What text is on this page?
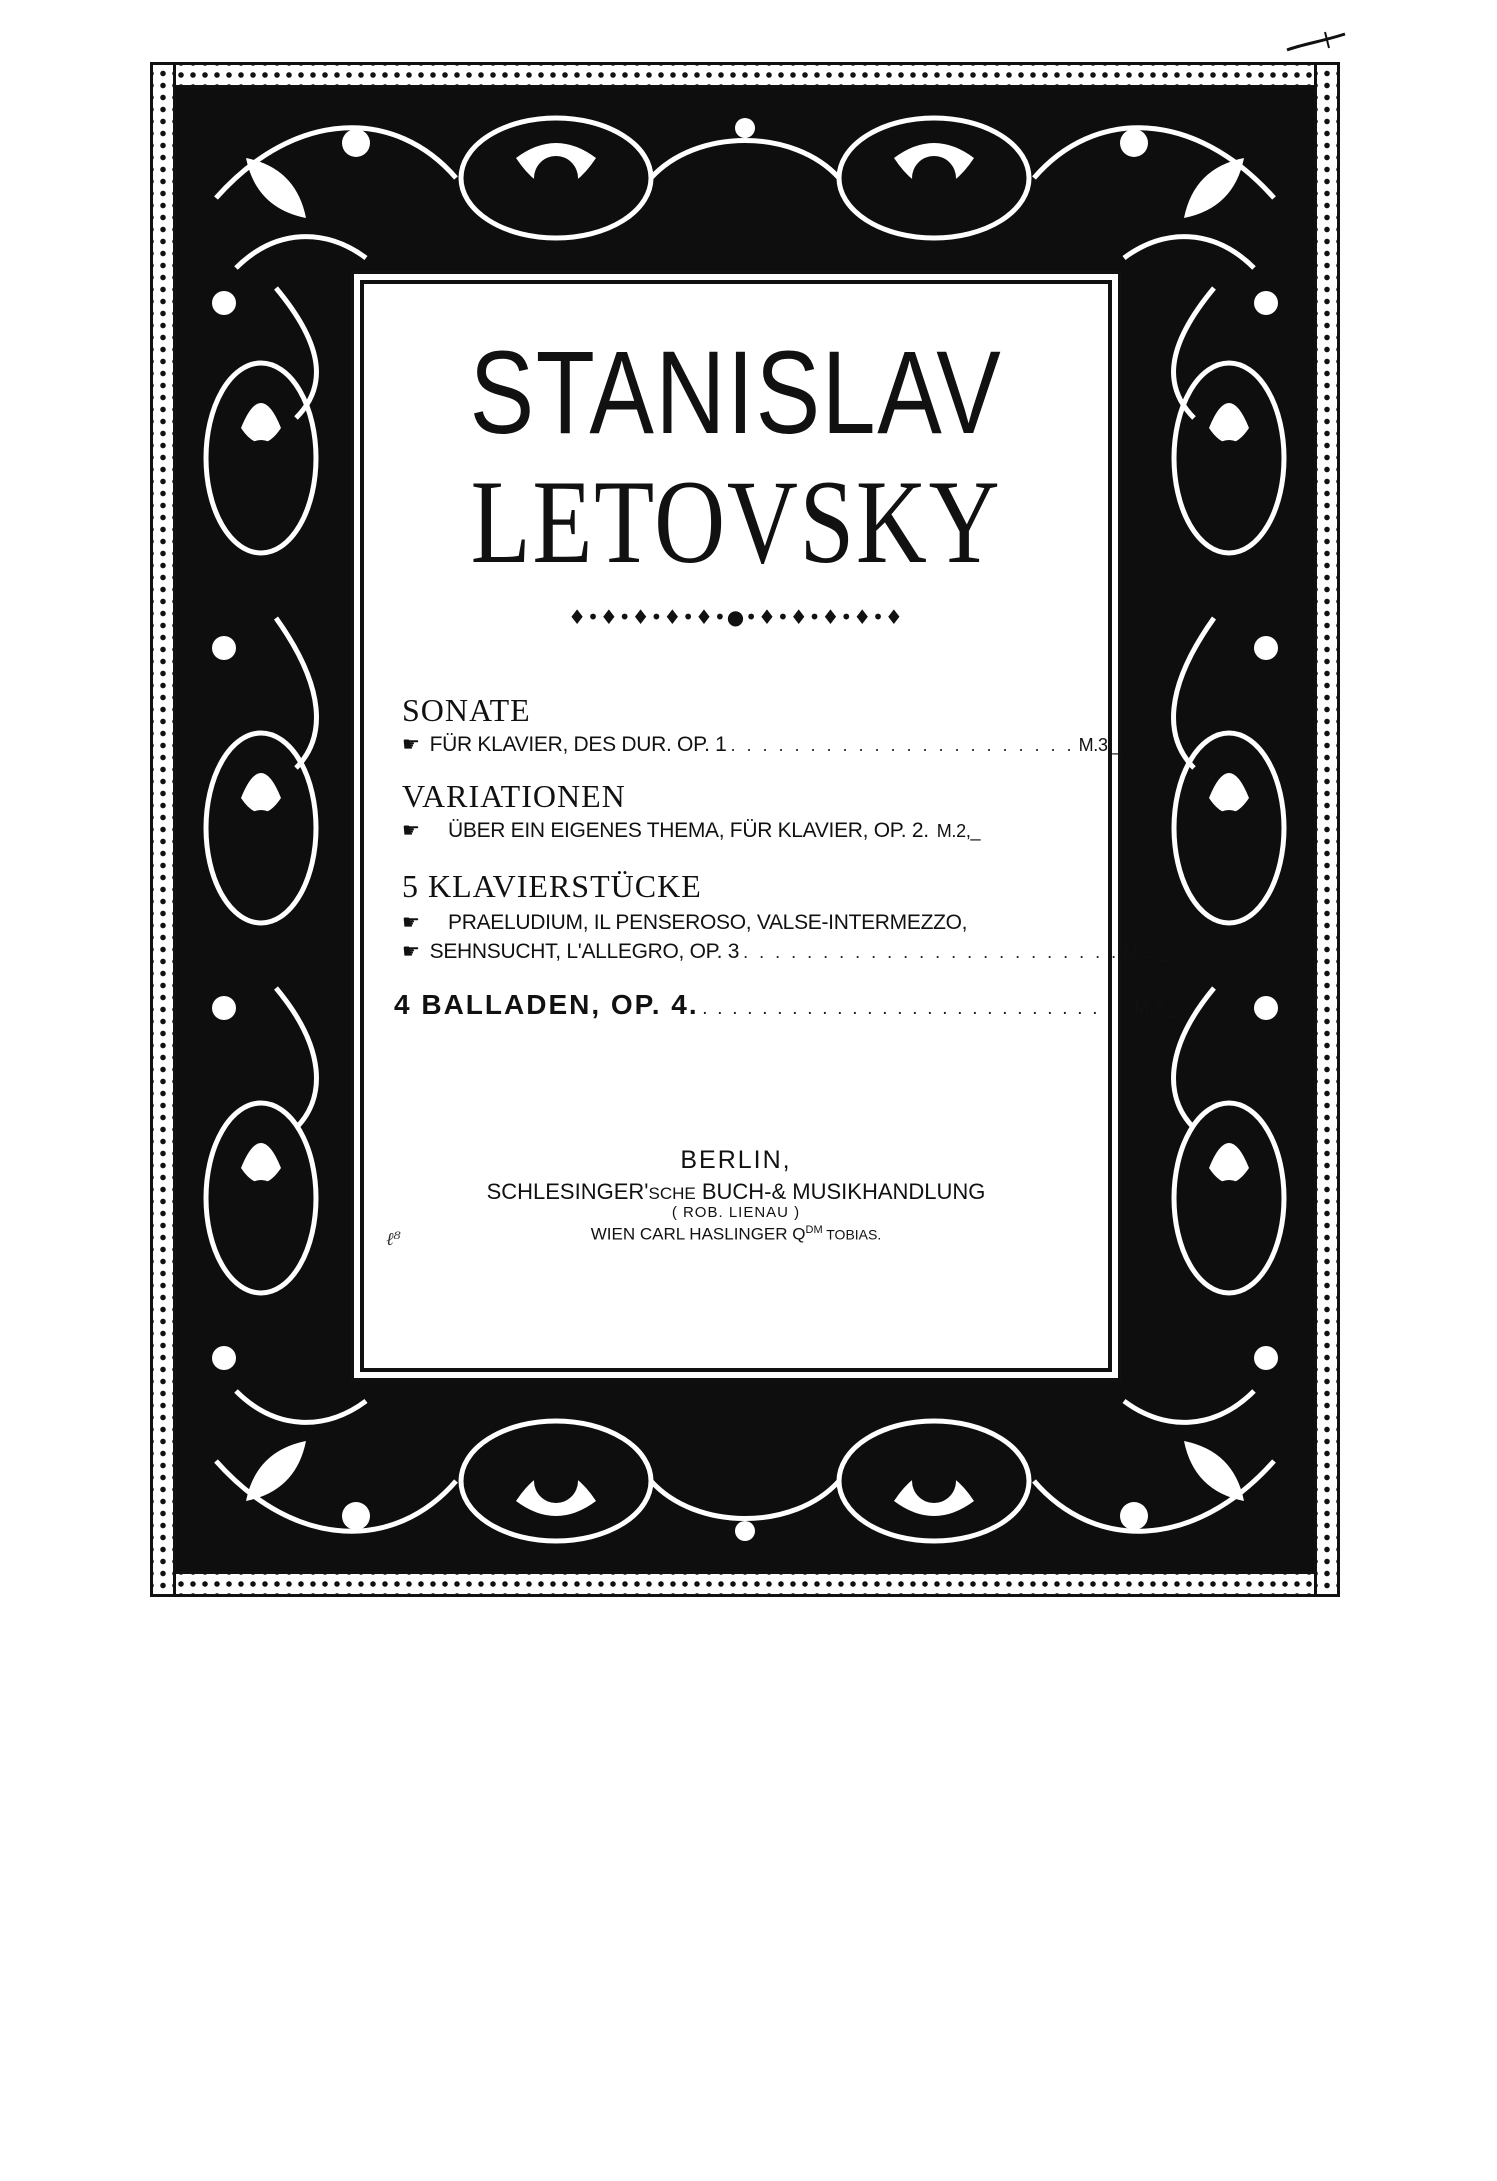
STANISLAV
LETOVSKY
♦•♦•♦•♦•♦•●•♦•♦•♦•♦•♦
SONATE
☛ FÜR KLAVIER, DES DUR. OP. 1 . . . . . . . . . . . . . . . . . . . . . . M.3,_
VARIATIONEN
☛	ÜBER EIN EIGENES THEMA, FÜR KLAVIER, OP. 2. M.2,_
5 KLAVIERSTÜCKE
☛	PRAELUDIUM, IL PENSEROSO, VALSE-INTERMEZZO,
☛ SEHNSUCHT, L'ALLEGRO, OP. 3 . . . . . . . . . . . . . . . . . . . . . . . . M.2,_
4 BALLADEN, OP. 4. . . . . . . . . . . . . . . . . . . . . . . . . . . . . . M.3,_
BERLIN,
SCHLESINGER'SCHE BUCH-& MUSIKHANDLUNG
( ROB. LIENAU )
WIEN CARL HASLINGER $Q^{DM}$ TOBIAS.
ℓ⁸
